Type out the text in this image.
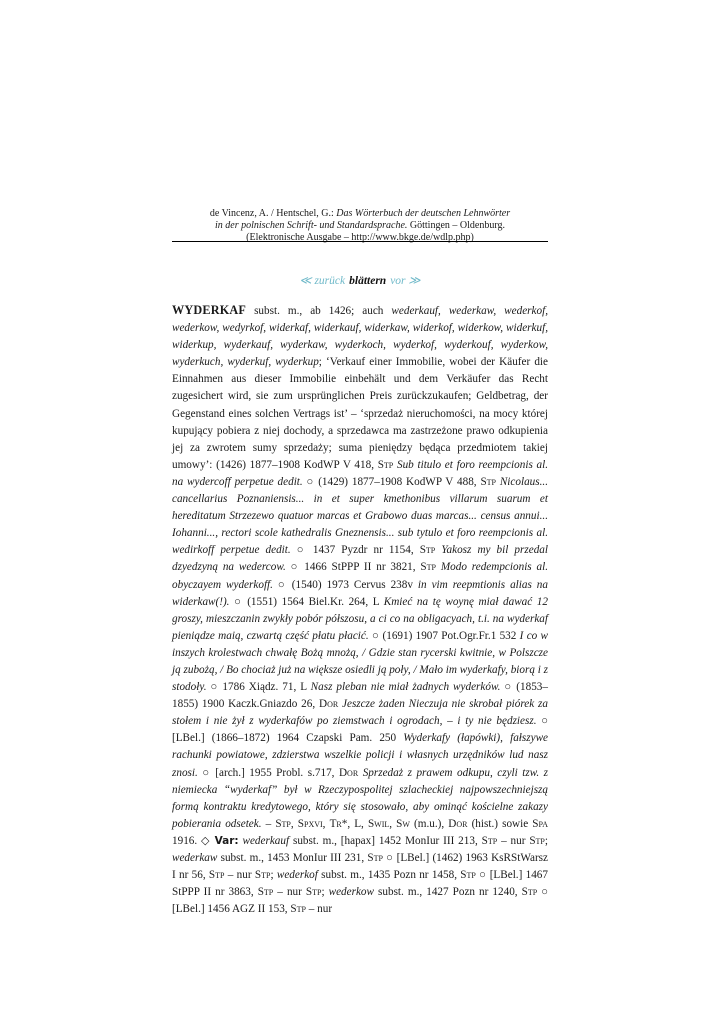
de Vincenz, A. / Hentschel, G.: Das Wörterbuch der deutschen Lehnwörter
in der polnischen Schrift- und Standardsprache. Göttingen – Oldenburg.
(Elektronische Ausgabe – http://www.bkge.de/wdlp.php)
≪ zurück blättern vor ≫
WYDERKAF subst. m., ab 1426; auch wederkauf, wederkaw, wederkof, wederkow, wedyrkof, widerkaf, widerkauf, widerkaw, widerkof, widerkow, widerkuf, widerkup, wyderkauf, wyderkaw, wyderkoch, wyderkof, wyderkouf, wyderkow, wyderkuch, wyderkuf, wyderkup; ‘Verkauf einer Immobilie, wobei der Käufer die Einnahmen aus dieser Immobilie einbehält und dem Verkäufer das Recht zugesichert wird, sie zum ursprünglichen Preis zurückzukaufen; Geldbetrag, der Gegenstand eines solchen Vertrags ist’ – ‘sprzedaż nieruchomości, na mocy której kupujący pobiera z niej dochody, a sprzedawca ma zastrzeżone prawo odkupienia jej za zwrotem sumy sprzedaży; suma pieniędzy będąca przedmiotem takiej umowy’: (1426) 1877–1908 KodWP V 418, Stp Sub titulo et foro reempcionis al. na wydercoff perpetue dedit. ○ (1429) 1877–1908 KodWP V 488, Stp Nicolaus... cancellarius Poznaniensis... in et super kmethonibus villarum suarum et hereditatum Strzezewo quatuor marcas et Grabowo duas marcas... census annui... Iohanni..., rectori scole kathedralis Gneznensis... sub tytulo et foro reempcionis al. wedirkoff perpetue dedit. ○ 1437 Pyzdr nr 1154, Stp Yakosz my bil przedal dzyedzyną na wedercow. ○ 1466 StPPP II nr 3821, Stp Modo redempcionis al. obyczayem wyderkoff. ○ (1540) 1973 Cervus 238v in vim reepmtionis alias na widerkaw(!). ○ (1551) 1564 Biel.Kr. 264, L Kmieć na tę woynę miał dawać 12 groszy, mieszczanin zwykły pobór półszosu, a ci co na obligacyach, t.i. na wyderkaf pieniądze maią, czwartą część płatu płacić. ○ (1691) 1907 Pot.Ogr.Fr.1 532 I co w inszych krolestwach chwałę Bożą mnożą, / Gdzie stan rycerski kwitnie, w Polszcze ją zubożą, / Bo chociaż już na większe osiedli ją poły, / Mało im wyderkafy, biorą i z stodoły. ○ 1786 Xiądz. 71, L Nasz pleban nie miał żadnych wyderków. ○ (1853–1855) 1900 Kaczk.Gniazdo 26, Dor Jeszcze żaden Nieczuja nie skrobał piórek za stołem i nie żył z wyderkafów po ziemstwach i ogrodach, – i ty nie będziesz. ○ [LBel.] (1866–1872) 1964 Czapski Pam. 250 Wyderkafy (łapówki), fałszywe rachunki powiatowe, zdzierstwa wszelkie policji i własnych urzędników lud nasz znosi. ○ [arch.] 1955 Probl. s.717, Dor Sprzedaż z prawem odkupu, czyli tzw. z niemiecka “wyderkaf” był w Rzeczypospolitej szlacheckiej najpowszechniejszą formą kontraktu kredytowego, który się stosowało, aby ominąć kościelne zakazy pobierania odsetek. – Stp, Spxvi, Tr*, L, Swil, Sw (m.u.), Dor (hist.) sowie Spa 1916. ◇ Var: wederkauf subst. m., [hapax] 1452 MonIur III 213, Stp – nur Stp; wederkaw subst. m., 1453 MonIur III 231, Stp ○ [LBel.] (1462) 1963 KsRStWarsz I nr 56, Stp – nur Stp; wederkof subst. m., 1435 Pozn nr 1458, Stp ○ [LBel.] 1467 StPPP II nr 3863, Stp – nur Stp; wederkow subst. m., 1427 Pozn nr 1240, Stp ○ [LBel.] 1456 AGZ II 153, Stp – nur
